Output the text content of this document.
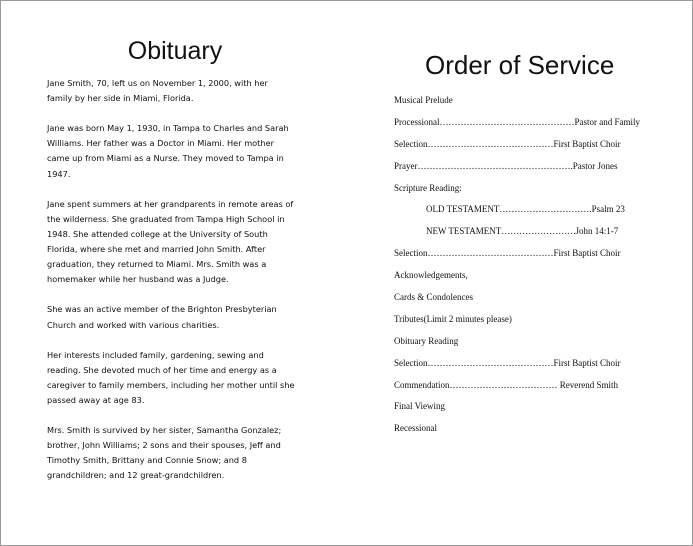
Obituary

Jane Smith, 70, left us on November 1, 2000, with her
family by her side in Miami, Florida.

Jane was born May 1, 1930, in Tampa to Charles and Sarah
Williams. Her father was a Doctor in Miami. Her mother
came up from Miami as a Nurse. They moved to Tampa in
1947.

Jane spent summers at her grandparents in remote areas of
the wilderness. She graduated from Tampa High School in
1948. She attended college at the University of South
Florida, where she met and married John Smith. After
graduation, they returned to Miami. Mrs. Smith was a
homemaker while her husband was a Judge.

She was an active member of the Brighton Presbyterian
Church and worked with various charities.

Her interests included family, gardening, sewing and
reading. She devoted much of her time and energy as a
caregiver to family members, including her mother until she
passed away at age 83.

Mrs. Smith is survived by her sister, Samantha Gonzalez;
brother, John Williams; 2 sons and their spouses, Jeff and
Timothy Smith, Brittany and Connie Snow; and 8
grandchildren; and 12 great-grandchildren.

Order of Service
Musical Prelude
Processional………………………………………Pastor and Family
Selection……………………………………First Baptist Choir
Prayer…………………………………………….Pastor Jones
Scripture Reading:
OLD TESTAMENT………………………….Psalm 23
NEW TESTAMENT…………………….John 14:1-7
Selection……………………………………First Baptist Choir
Acknowledgements,
Cards & Condolences
Tributes(Limit 2 minutes please)
Obituary Reading
Selection……………………………………First Baptist Choir
Commendation……………………………… Reverend Smith
Final Viewing
Recessional
